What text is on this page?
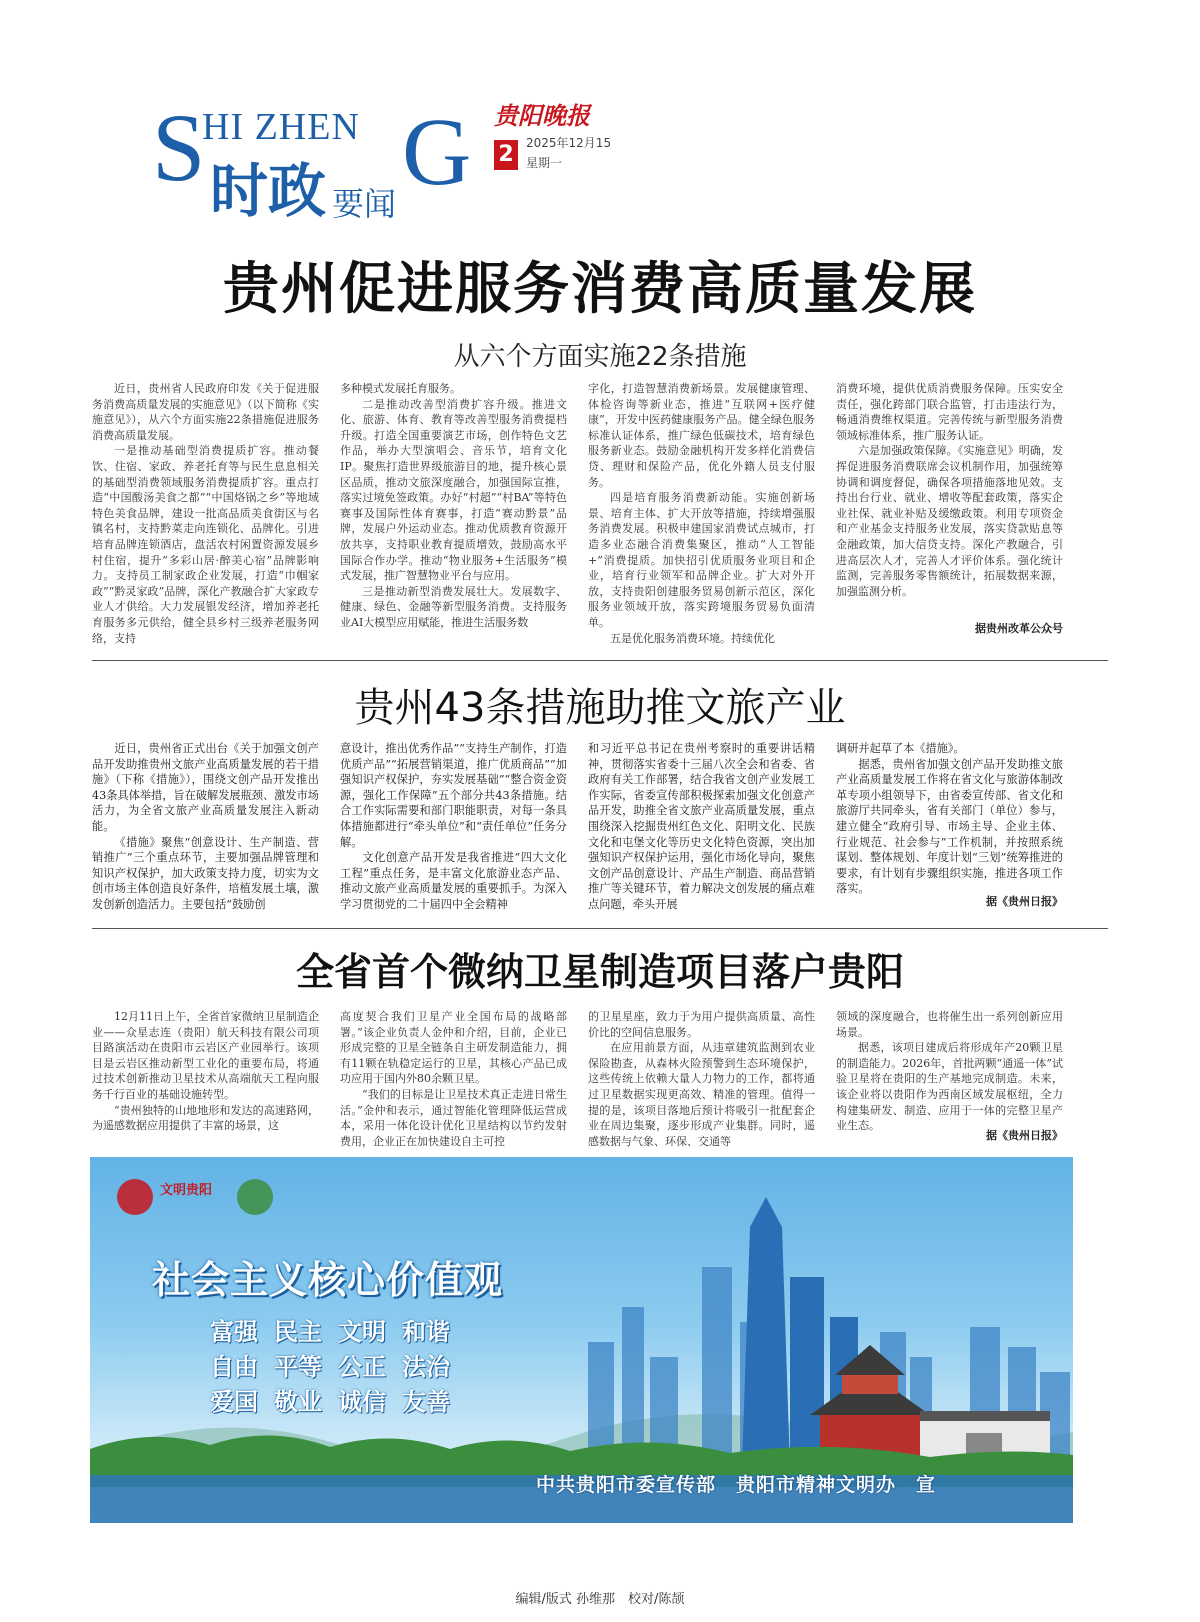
S
HI ZHEN G
时政 要闻
贵阳晚报
2	2025年12月15
星期一
贵州促进服务消费高质量发展
从六个方面实施22条措施

近日，贵州省人民政府印发《关于促进服务消费高质量发展的实施意见》（以下简称《实施意见》），从六个方面实施22条措施促进服务消费高质量发展。

一是推动基础型消费提质扩容。推动餐饮、住宿、家政、养老托育等与民生息息相关的基础型消费领域服务消费提质扩容。重点打造“中国酸汤美食之都”“中国烙锅之乡”等地域特色美食品牌，建设一批高品质美食街区与名镇名村，支持黔菜走向连锁化、品牌化。引进培育品牌连锁酒店，盘活农村闲置资源发展乡村住宿，提升“多彩山居·醉美心宿”品牌影响力。支持员工制家政企业发展，打造“巾帼家政”“黔灵家政”品牌，深化产教融合扩大家政专业人才供给。大力发展银发经济，增加养老托育服务多元供给，健全县乡村三级养老服务网络，支持

多种模式发展托育服务。

二是推动改善型消费扩容升级。推进文化、旅游、体育、教育等改善型服务消费提档升级。打造全国重要演艺市场，创作特色文艺作品，举办大型演唱会、音乐节，培育文化IP。聚焦打造世界级旅游目的地，提升核心景区品质，推动文旅深度融合，加强国际宣推，落实过境免签政策。办好“村超”“村BA”等特色赛事及国际性体育赛事，打造“赛动黔景”品牌，发展户外运动业态。推动优质教育资源开放共享，支持职业教育提质增效，鼓励高水平国际合作办学。推动“物业服务+生活服务”模式发展，推广智慧物业平台与应用。

三是推动新型消费发展壮大。发展数字、健康、绿色、金融等新型服务消费。支持服务业AI大模型应用赋能，推进生活服务数

字化，打造智慧消费新场景。发展健康管理、体检咨询等新业态，推进“互联网+医疗健康”，开发中医药健康服务产品。健全绿色服务标准认证体系，推广绿色低碳技术，培育绿色服务新业态。鼓励金融机构开发多样化消费信贷、理财和保险产品，优化外籍人员支付服务。

四是培育服务消费新动能。实施创新场景、培育主体、扩大开放等措施，持续增强服务消费发展。积极申建国家消费试点城市，打造多业态融合消费集聚区，推动“人工智能+”消费提质。加快招引优质服务业项目和企业，培育行业领军和品牌企业。扩大对外开放，支持贵阳创建服务贸易创新示范区，深化服务业领域开放，落实跨境服务贸易负面清单。

五是优化服务消费环境。持续优化

消费环境，提供优质消费服务保障。压实安全责任，强化跨部门联合监管，打击违法行为，畅通消费维权渠道。完善传统与新型服务消费领域标准体系，推广服务认证。

六是加强政策保障。《实施意见》明确，发挥促进服务消费联席会议机制作用，加强统筹协调和调度督促，确保各项措施落地见效。支持出台行业、就业、增收等配套政策，落实企业社保、就业补贴及缓缴政策。利用专项资金和产业基金支持服务业发展，落实贷款贴息等金融政策，加大信贷支持。深化产教融合，引进高层次人才，完善人才评价体系。强化统计监测，完善服务零售额统计，拓展数据来源，加强监测分析。

据贵州改革公众号
贵州43条措施助推文旅产业

近日，贵州省正式出台《关于加强文创产品开发助推贵州文旅产业高质量发展的若干措施》（下称《措施》），围绕文创产品开发推出43条具体举措，旨在破解发展瓶颈、激发市场活力，为全省文旅产业高质量发展注入新动能。

《措施》聚焦“创意设计、生产制造、营销推广”三个重点环节，主要加强品牌管理和知识产权保护，加大政策支持力度，切实为文创市场主体创造良好条件，培植发展土壤，激发创新创造活力。主要包括“鼓励创

意设计，推出优秀作品”“支持生产制作，打造优质产品”“拓展营销渠道，推广优质商品”“加强知识产权保护，夯实发展基础”“整合资金资源，强化工作保障”五个部分共43条措施。结合工作实际需要和部门职能职责，对每一条具体措施都进行“牵头单位”和“责任单位”任务分解。

文化创意产品开发是我省推进“四大文化工程”重点任务，是丰富文化旅游业态产品、推动文旅产业高质量发展的重要抓手。为深入学习贯彻党的二十届四中全会精神

和习近平总书记在贵州考察时的重要讲话精神，贯彻落实省委十三届八次全会和省委、省政府有关工作部署，结合我省文创产业发展工作实际，省委宣传部积极探索加强文化创意产品开发，助推全省文旅产业高质量发展，重点围绕深入挖掘贵州红色文化、阳明文化、民族文化和屯堡文化等历史文化特色资源，突出加强知识产权保护运用，强化市场化导向，聚焦文创产品创意设计、产品生产制造、商品营销推广等关键环节，着力解决文创发展的痛点难点问题，牵头开展

调研并起草了本《措施》。

据悉，贵州省加强文创产品开发助推文旅产业高质量发展工作将在省文化与旅游体制改革专项小组领导下，由省委宣传部、省文化和旅游厅共同牵头，省有关部门（单位）参与，建立健全“政府引导、市场主导、企业主体、行业规范、社会参与”工作机制，并按照系统谋划、整体规划、年度计划“三划”统筹推进的要求，有计划有步骤组织实施，推进各项工作落实。

据《贵州日报》
全省首个微纳卫星制造项目落户贵阳

12月11日上午，全省首家微纳卫星制造企业——众星志连（贵阳）航天科技有限公司项目路演活动在贵阳市云岩区产业园举行。该项目是云岩区推动新型工业化的重要布局，将通过技术创新推动卫星技术从高端航天工程向服务千行百业的基础设施转型。

“贵州独特的山地地形和发达的高速路网，为遥感数据应用提供了丰富的场景，这

高度契合我们卫星产业全国布局的战略部署。”该企业负责人金仲和介绍，目前，企业已形成完整的卫星全链条自主研发制造能力，拥有11颗在轨稳定运行的卫星，其核心产品已成功应用于国内外80余颗卫星。

“我们的目标是让卫星技术真正走进日常生活。”金仲和表示，通过智能化管理降低运营成本，采用一体化设计优化卫星结构以节约发射费用，企业正在加快建设自主可控

的卫星星座，致力于为用户提供高质量、高性价比的空间信息服务。

在应用前景方面，从违章建筑监测到农业保险勘查，从森林火险预警到生态环境保护，这些传统上依赖大量人力物力的工作，都将通过卫星数据实现更高效、精准的管理。值得一提的是，该项目落地后预计将吸引一批配套企业在周边集聚，逐步形成产业集群。同时，遥感数据与气象、环保、交通等

领域的深度融合，也将催生出一系列创新应用场景。

据悉，该项目建成后将形成年产20颗卫星的制造能力。2026年，首批两颗“通遥一体”试验卫星将在贵阳的生产基地完成制造。未来，该企业将以贵阳作为西南区域发展枢纽，全力构建集研发、制造、应用于一体的完整卫星产业生态。

据《贵州日报》
文明贵阳
社会主义核心价值观
富强 民主 文明 和谐
自由 平等 公正 法治
爱国 敬业 诚信 友善
中共贵阳市委宣传部　贵阳市精神文明办　宣
编辑/版式 孙维那　校对/陈颉
